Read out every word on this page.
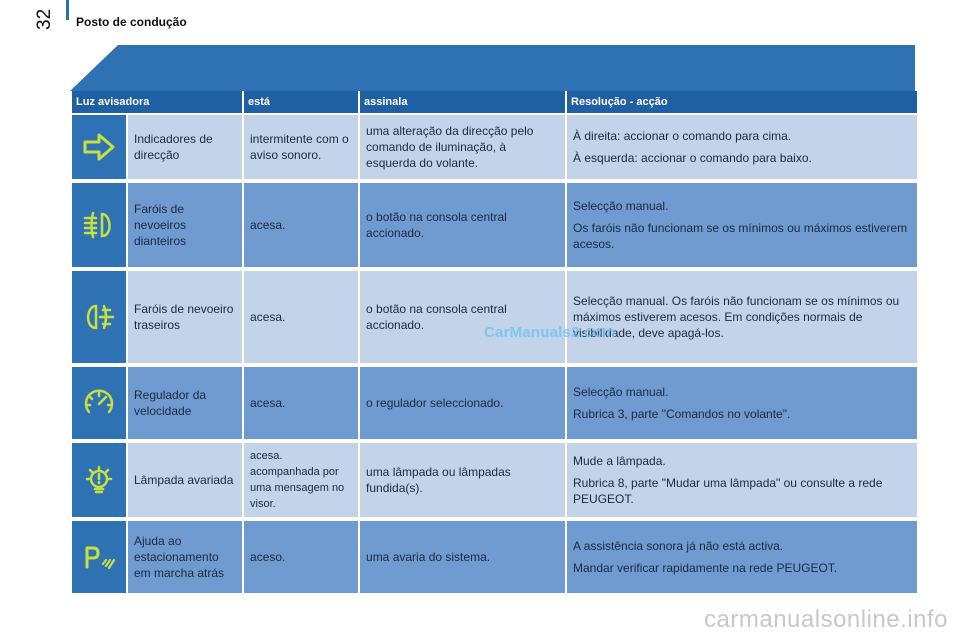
Posto de condução
32
Luz avisadora		está	assinala	Resolução - acção

	Indicadores de direcção	intermitente com o aviso sonoro.	uma alteração da direcção pelo comando de iluminação, à esquerda do volante.	À direita: accionar o comando para cima.

À esquerda: accionar o comando para baixo.

	Faróis de nevoeiros dianteiros	acesa.	o botão na consola central accionado.	Selecção manual.

Os faróis não funcionam se os mínimos ou máximos estiverem acesos.

	Faróis de nevoeiro traseiros	acesa.	o botão na consola central accionado.	Selecção manual. Os faróis não funcionam se os mínimos ou máximos estiverem acesos. Em condições normais de visibilidade, deve apagá-los.

	Regulador da velocidade	acesa.	o regulador seleccionado.	Selecção manual.

Rubrica 3, parte "Comandos no volante".

	Lâmpada avariada	acesa. acompanhada por uma mensagem no visor.	uma lâmpada ou lâmpadas fundida(s).	Mude a lâmpada.

Rubrica 8, parte "Mudar uma lâmpada" ou consulte a rede PEUGEOT.

	Ajuda ao estacionamento em marcha atrás	aceso.	uma avaria do sistema.	A assistência sonora já não está activa.

Mandar verificar rapidamente na rede PEUGEOT.

CarManuals2.com
carmanualsonline.info
